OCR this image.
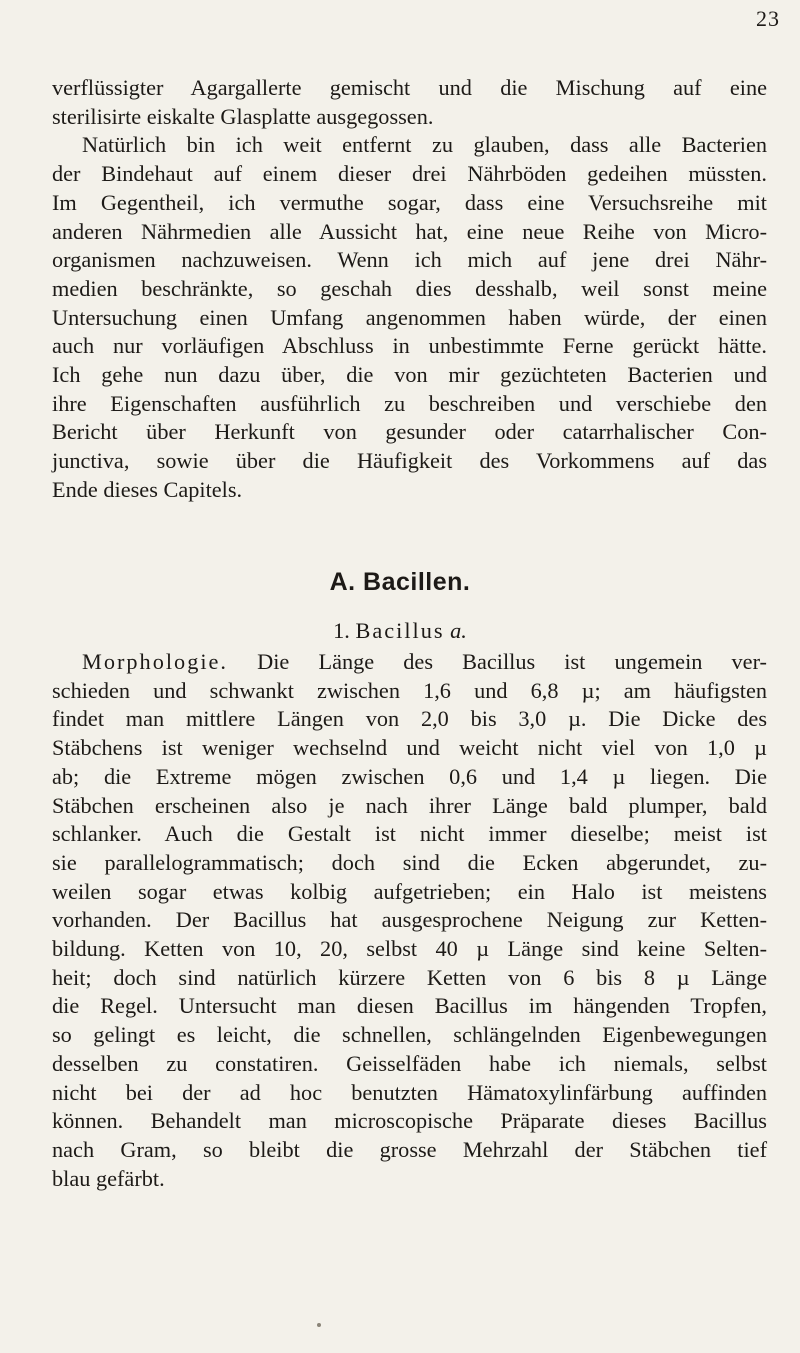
23
verflüssigter Agargallerte gemischt und die Mischung auf eine
sterilisirte eiskalte Glasplatte ausgegossen.
Natürlich bin ich weit entfernt zu glauben, dass alle Bacterien
der Bindehaut auf einem dieser drei Nährböden gedeihen müssten.
Im Gegentheil, ich vermuthe sogar, dass eine Versuchsreihe mit
anderen Nährmedien alle Aussicht hat, eine neue Reihe von Micro-
organismen nachzuweisen. Wenn ich mich auf jene drei Nähr-
medien beschränkte, so geschah dies desshalb, weil sonst meine
Untersuchung einen Umfang angenommen haben würde, der einen
auch nur vorläufigen Abschluss in unbestimmte Ferne gerückt hätte.
Ich gehe nun dazu über, die von mir gezüchteten Bacterien und
ihre Eigenschaften ausführlich zu beschreiben und verschiebe den
Bericht über Herkunft von gesunder oder catarrhalischer Con-
junctiva, sowie über die Häufigkeit des Vorkommens auf das
Ende dieses Capitels.
A. Bacillen.
1. Bacillus a.
Morphologie. Die Länge des Bacillus ist ungemein ver-
schieden und schwankt zwischen 1,6 und 6,8 µ; am häufigsten
findet man mittlere Längen von 2,0 bis 3,0 µ. Die Dicke des
Stäbchens ist weniger wechselnd und weicht nicht viel von 1,0 µ
ab; die Extreme mögen zwischen 0,6 und 1,4 µ liegen. Die
Stäbchen erscheinen also je nach ihrer Länge bald plumper, bald
schlanker. Auch die Gestalt ist nicht immer dieselbe; meist ist
sie parallelogrammatisch; doch sind die Ecken abgerundet, zu-
weilen sogar etwas kolbig aufgetrieben; ein Halo ist meistens
vorhanden. Der Bacillus hat ausgesprochene Neigung zur Ketten-
bildung. Ketten von 10, 20, selbst 40 µ Länge sind keine Selten-
heit; doch sind natürlich kürzere Ketten von 6 bis 8 µ Länge
die Regel. Untersucht man diesen Bacillus im hängenden Tropfen,
so gelingt es leicht, die schnellen, schlängelnden Eigenbewegungen
desselben zu constatiren. Geisselfäden habe ich niemals, selbst
nicht bei der ad hoc benutzten Hämatoxylinfärbung auffinden
können. Behandelt man microscopische Präparate dieses Bacillus
nach Gram, so bleibt die grosse Mehrzahl der Stäbchen tief
blau gefärbt.
